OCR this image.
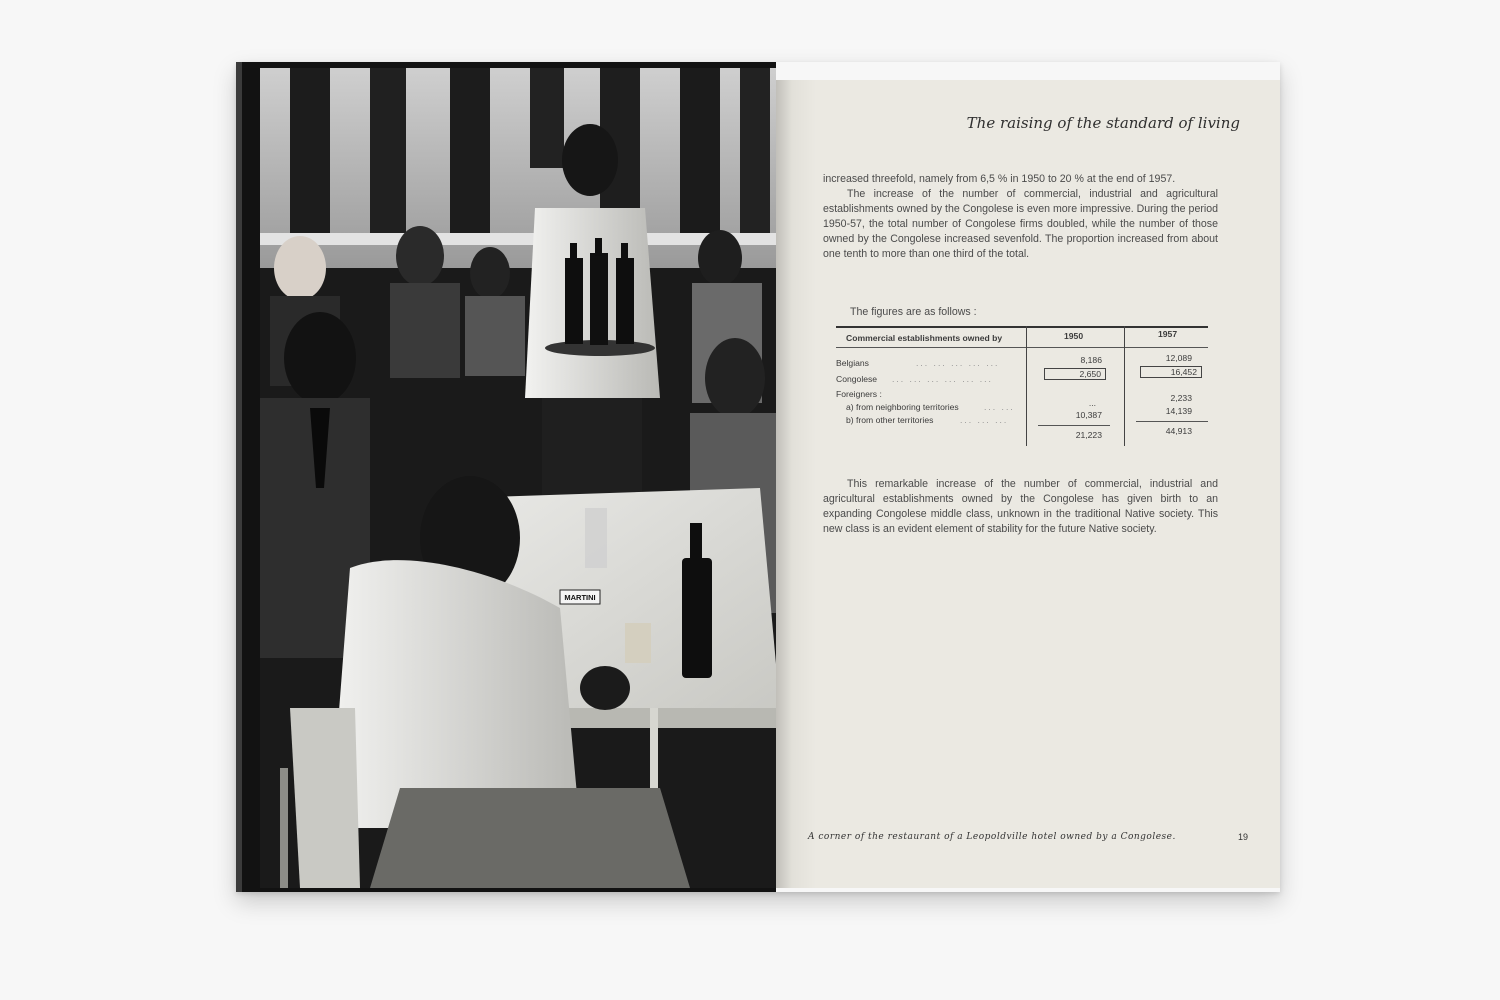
MARTINI
The raising of the standard of living

increased threefold, namely from 6,5 % in 1950 to 20 % at the end of 1957.

The increase of the number of commercial, industrial and agricultural establishments owned by the Congolese is even more impressive. During the period 1950-57, the total number of Congolese firms doubled, while the number of those owned by the Congolese increased sevenfold. The proportion increased from about one tenth to more than one third of the total.

The figures are as follows :
Commercial establishments owned by	1950	1957
Belgians	... ... ... ... ...	8,186	12,089
Congolese ... ... ... ... ... ...	2,650	16,452
Foreigners :
a) from neighboring territories	... ...	...	2,233
b) from other territories	... ... ...	10,387	14,139
21,223	44,913

This remarkable increase of the number of commercial, industrial and agricultural establishments owned by the Congolese has given birth to an expanding Congolese middle class, unknown in the traditional Native society. This new class is an evident element of stability for the future Native society.

A corner of the restaurant of a Leopoldville hotel owned by a Congolese.	19
